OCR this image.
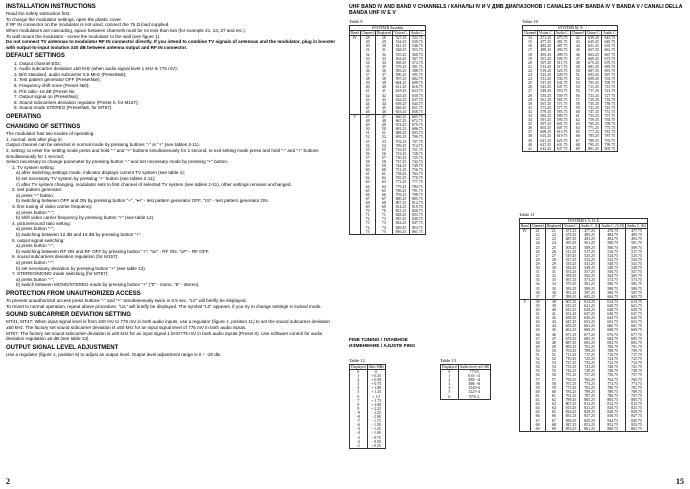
INSTALLATION INSTRUCTIONS

Read the safety instruction first.

To change the modulator settings, open the plastic cover.

If RF IN connector on the modulator is not used, connect the 75 Ω load supplied.

When modulators are cascading, space between channels must be no less than two (for example 21, 24, 27 and etc.).

To wall mount the modulator - screw the modulator to the wall (see figure 1).

Do not connect TV antennas to modulator RF IN connector directly. If you intend to combine TV signals of antennas and the modulator, plug in booster with output-to-input isolation ≥20 dB between antenna output and RF IN connector.

DEFAULT SETTINGS

1. Output channel E02;

2. Audio subcarrier deviation ±50 kHz (when audio signal level 1 kHz is 775 mV);

3. B/G standard, audio subcarrier 5.5 MHz (Preset№5);

4. Test pattern generator OFF (Preset№e);

5. Frequency shift none (Preset №0);

6. P/S ratio -16 dB (Preset №;

7. Output signal on (Preset№o);

8. Sound subcarriers deviation regulator (Preset 0, for M157);

9. Sound mode STEREO (Preset№5, for MT57).

OPERATING
CHANGING OF SETTINGS

The modulator has two modes of operating:

1. normal: sets after plug in;

Output channel can be selected in normal mode by pressing buttons "-" or "+" (see tables 2-11).

2. setting: to enter the setting mode press and hold "-" and "+" buttons simultaneously for 1 second, to exit setting mode press and hold "-" and "+" buttons simultaneously for 1 second;

Select necessary to change parameter by pressing button "-" and set necessary mode by pressing "+" button.

1. TV system setting:

a) after switching settings mode, indicator displays current TV system (see table 1);

b) set necessary TV system by pressing "+" button (see tables 2-11);

c) after TV system changing, modulator sets to first channel of selected TV system (see tables 2-11), other settings remains unchanged.

2. test pattern generator:

a) press "-" button;

b) switching between OFF and ON by pressing button "+", "•e" - test pattern generator OFF, "t.5" - test pattern generator ON.

3. fine tuning of video carrier frequency:

a) press button "-";

b) shift video carrier frequency by pressing button "+" (see table 12).

4. picture/sound ratio setting:

a) press button "-";

b) switching between 12 dB and 16 dB by pressing button "+".

5. output signal switching:

a) press button "-";

b) switching between RF ON and RF OFF by pressing button "+": "on" - RF ON, "oF" - RF OFF.

6. sound subcarriers deviation regulation (for M157):

a) press button "-";

b) set necessary deviation by pressing button "+" (see table 13).

7. STEREO/MONO mode switching (for MT57):

a) press button "-";

b) switch between MONO/STEREO mode by pressing button "+" ("0" - mono, "5" - stereo).

PROTECTION FROM UNAUTHORIZED ACCESS

To prevent unauthorized access press buttons "-" and "+" simultaneously twice in 0.5 sec. "L0" will briefly be displayed.

To revert to normal operation, repeat above procedure. "UL" will briefly be displayed. The symbol "L0" appears, if you try to change settings in locked mode.

SOUND SUBCARRIER DEVIATION SETTING

MT41, MT47: When input signal level is from 340 mV to 775 mV in both audio inputs, use a regulator (figure 1, position 11) to set the sound subcarrier deviation ±50 kHz. The factory set sound subcarrier deviation is ±50 kHz for an input signal level of 775 mV in both audio inputs.

MT57: The factory set sound subcarrier deviation is ±50 kHz for an input signal 1 kHz/775 mV in both audio inputs (Preset 0). Use software control for audio deviation regulation ±6 dB (see table 13).

OUTPUT SIGNAL LEVEL ADJUSTMENT

Use a regulator (figure 1, position 6) to adjust an output level. Output level adjustment range is 0 ÷ -20 dB.

2
UHF BAND IV AND BAND V CHANNELS / КАНАЛЫ IV И V ДМВ ДИАПАЗОНОВ / CANALES UHF BANDA IV Y BANDA V / CANALI DELLA BANDA UHF IV E V
Table 9
SYSTEM B Australia				
Band	Channel	Displayed	Vision C.	Audio C.
IV	28	28	527.25	532.75
	29	29	534.25	539.75
	30	30	541.25	546.75
	31	31	548.25	553.75
	32	32	555.25	560.75
	33	33	562.25	567.75
	34	34	569.25	574.75
	35	35	576.25	581.75
	36	36	583.25	588.75
	37	37	590.25	595.75
	38	38	597.25	602.75
	39	39	604.25	609.75
	40	40	611.25	616.75
	41	41	618.25	623.75
	42	42	625.25	630.75
	43	43	632.25	637.75
	44	44	639.25	644.75
	45	45	646.25	651.75
	46	46	653.25	658.75
V	47	47	660.25	665.75
	48	48	667.25	672.75
	49	49	674.25	679.75
	50	50	681.25	686.75
	51	51	688.25	693.75
	52	52	695.25	700.75
	53	53	702.25	707.75
	54	54	709.25	714.75
	55	55	716.25	721.75
	56	56	723.25	728.75
	57	57	730.25	735.75
	58	58	737.25	742.75
	59	59	744.25	749.75
	60	60	751.25	756.75
	61	61	758.25	763.75
	62	62	765.25	770.75
	63	63	772.25	777.75
	64	64	779.25	784.75
	65	65	786.25	791.75
	66	66	793.25	798.75
	67	67	800.25	805.75
	68	68	807.25	812.75
	69	69	814.25	819.75
	70	70	821.25	826.75
	71	71	828.25	833.75
	72	72	835.25	840.75
	73	73	842.25	847.75
	74	74	849.25	854.75
	75	75	856.25	861.75
Table 10
SYSTEMS M, N					
Channel	Vision C.	Audio C.	Channel	Vision C.	Audio C.
14	471.25	475.75	42	639.25	643.75
15	477.25	481.75	43	645.25	649.75
16	483.25	487.75	44	651.25	655.75
17	489.25	493.75	45	657.25	661.75
18	495.25	499.75	46	663.25	667.75
19	501.25	505.75	47	669.25	673.75
20	507.25	511.75	48	675.25	679.75
21	513.25	517.75	49	681.25	685.75
22	519.25	523.75	50	687.25	691.75
23	525.25	529.75	51	693.25	697.75
24	531.25	535.75	52	699.25	703.75
25	537.25	541.75	53	705.25	709.75
26	543.25	547.75	54	711.25	715.75
27	549.25	553.75	55	717.25	721.75
28	555.25	559.75	56	723.25	727.75
29	561.25	565.75	57	729.25	733.75
30	567.25	571.75	58	735.25	739.75
31	573.25	577.75	59	741.25	745.75
32	579.25	583.75	60	747.25	751.75
33	585.25	589.75	61	753.25	757.75
34	591.25	595.75	62	759.25	763.75
35	597.25	601.75	63	765.25	769.75
36	603.25	607.75	64	771.25	775.75
37	609.25	613.75	65	777.25	781.75
38	615.25	619.75	66	783.25	787.75
39	621.25	625.75	67	789.25	793.75
40	627.25	631.75	68	795.25	799.75
41	633.25	637.75	69	801.25	805.75
Table 11
SYSTEMS I, G, H, K						
Band	Channel	Displayed	Vision C.	Audio C. (I)	Audio C. (G,H)	Audio C. (K)
IV	21	21	471.25	477.25	476.75	477.75
	22	22	479.25	485.25	484.75	485.75
	23	23	487.25	493.25	492.75	493.75
	24	24	495.25	501.25	500.75	501.75
	25	25	503.25	509.25	508.75	509.75
	26	26	511.25	517.25	516.75	517.75
	27	27	519.25	525.25	524.75	525.75
	28	28	527.25	533.25	532.75	533.75
	29	29	535.25	541.25	540.75	541.75
	30	30	543.25	549.25	548.75	549.75
	31	31	551.25	557.25	556.75	557.75
	32	32	559.25	565.25	564.75	565.75
	33	33	567.25	573.25	572.75	573.75
	34	34	575.25	581.25	580.75	581.75
	35	35	583.25	589.25	588.75	589.75
	36	36	591.25	597.25	596.75	597.75
	37	37	599.25	605.25	604.75	605.75
V	38	38	607.25	613.25	612.75	613.75
	39	39	615.25	621.25	620.75	621.75
	40	40	623.25	629.25	628.75	629.75
	41	41	631.25	637.25	636.75	637.75
	42	42	639.25	645.25	644.75	645.75
	43	43	647.25	653.25	652.75	653.75
	44	44	655.25	661.25	660.75	661.75
	45	45	663.25	669.25	668.75	669.75
	46	46	671.25	677.25	676.75	677.75
	47	47	679.25	685.25	684.75	685.75
	48	48	687.25	693.25	692.75	693.75
	49	49	695.25	701.25	700.75	701.75
	50	50	703.25	709.25	708.75	709.75
	51	51	711.25	717.25	716.75	717.75
	52	52	719.25	725.25	724.75	725.75
	53	53	727.25	733.25	732.75	733.75
	54	54	735.25	741.25	740.75	741.75
	55	55	743.25	749.25	748.75	749.75
	56	56	751.25	757.25	756.75	757.75
	57	57	759.25	765.25	764.75	765.75
	58	58	767.25	773.25	772.75	773.75
	59	59	775.25	781.25	780.75	781.75
	60	60	783.25	789.25	788.75	789.75
	61	61	791.25	797.25	796.75	797.75
	62	62	799.25	805.25	804.75	805.75
	63	63	807.25	813.25	812.75	813.75
	64	64	815.25	821.25	820.75	821.75
	65	65	823.25	829.25	828.75	829.75
	66	66	831.25	837.25	836.75	837.75
	67	67	839.25	845.25	844.75	845.75
	68	68	847.25	853.25	852.75	853.75
	69	69	855.25	861.25	860.75	861.75
FINE TUNING / ПЛАВНОЕ ИЗМЕНЕНИЕ / AJUSTE FINO
Table 12
Displayed	Shift MHz
0	0
1	+ 0.25
2	+ 0.50
3	+ 0.75
4	+ 1.00
5	+ 1.25
6	+ 1.5
7	+ 1.75
8	+ 2.00
9	+ 2.25
-9	- 2.25
-8	- 2.00
-7	- 1.75
-6	- 1.50
-5	- 1.25
-4	- 1.00
-3	- 0.75
-2	- 0.50
-1	- 0.25
Table 13
Displayed	Audio level, mV/dB
0	775/0
1	615/ +2
2	490/ +4
3	388/ +6
4	1545/-6
5	1227/-4
6	975/-2
15
